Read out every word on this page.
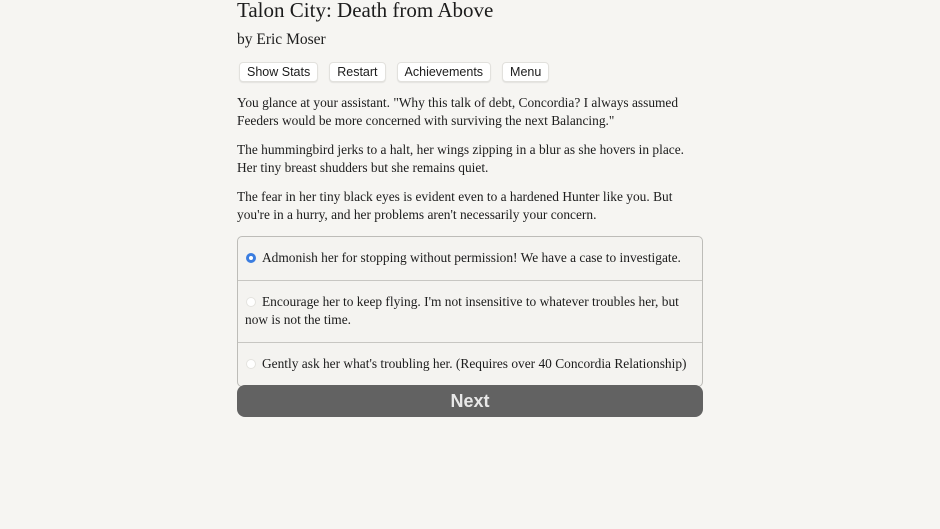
Talon City: Death from Above
by Eric Moser
Show Stats	Restart	Achievements	Menu

You glance at your assistant. "Why this talk of debt, Concordia? I always assumed Feeders would be more concerned with surviving the next Balancing."

The hummingbird jerks to a halt, her wings zipping in a blur as she hovers in place. Her tiny breast shudders but she remains quiet.

The fear in her tiny black eyes is evident even to a hardened Hunter like you. But you're in a hurry, and her problems aren't necessarily your concern.

Admonish her for stopping without permission! We have a case to investigate.
Encourage her to keep flying. I'm not insensitive to whatever troubles her, but now is not the time.
Gently ask her what's troubling her. (Requires over 40 Concordia Relationship)
Next
